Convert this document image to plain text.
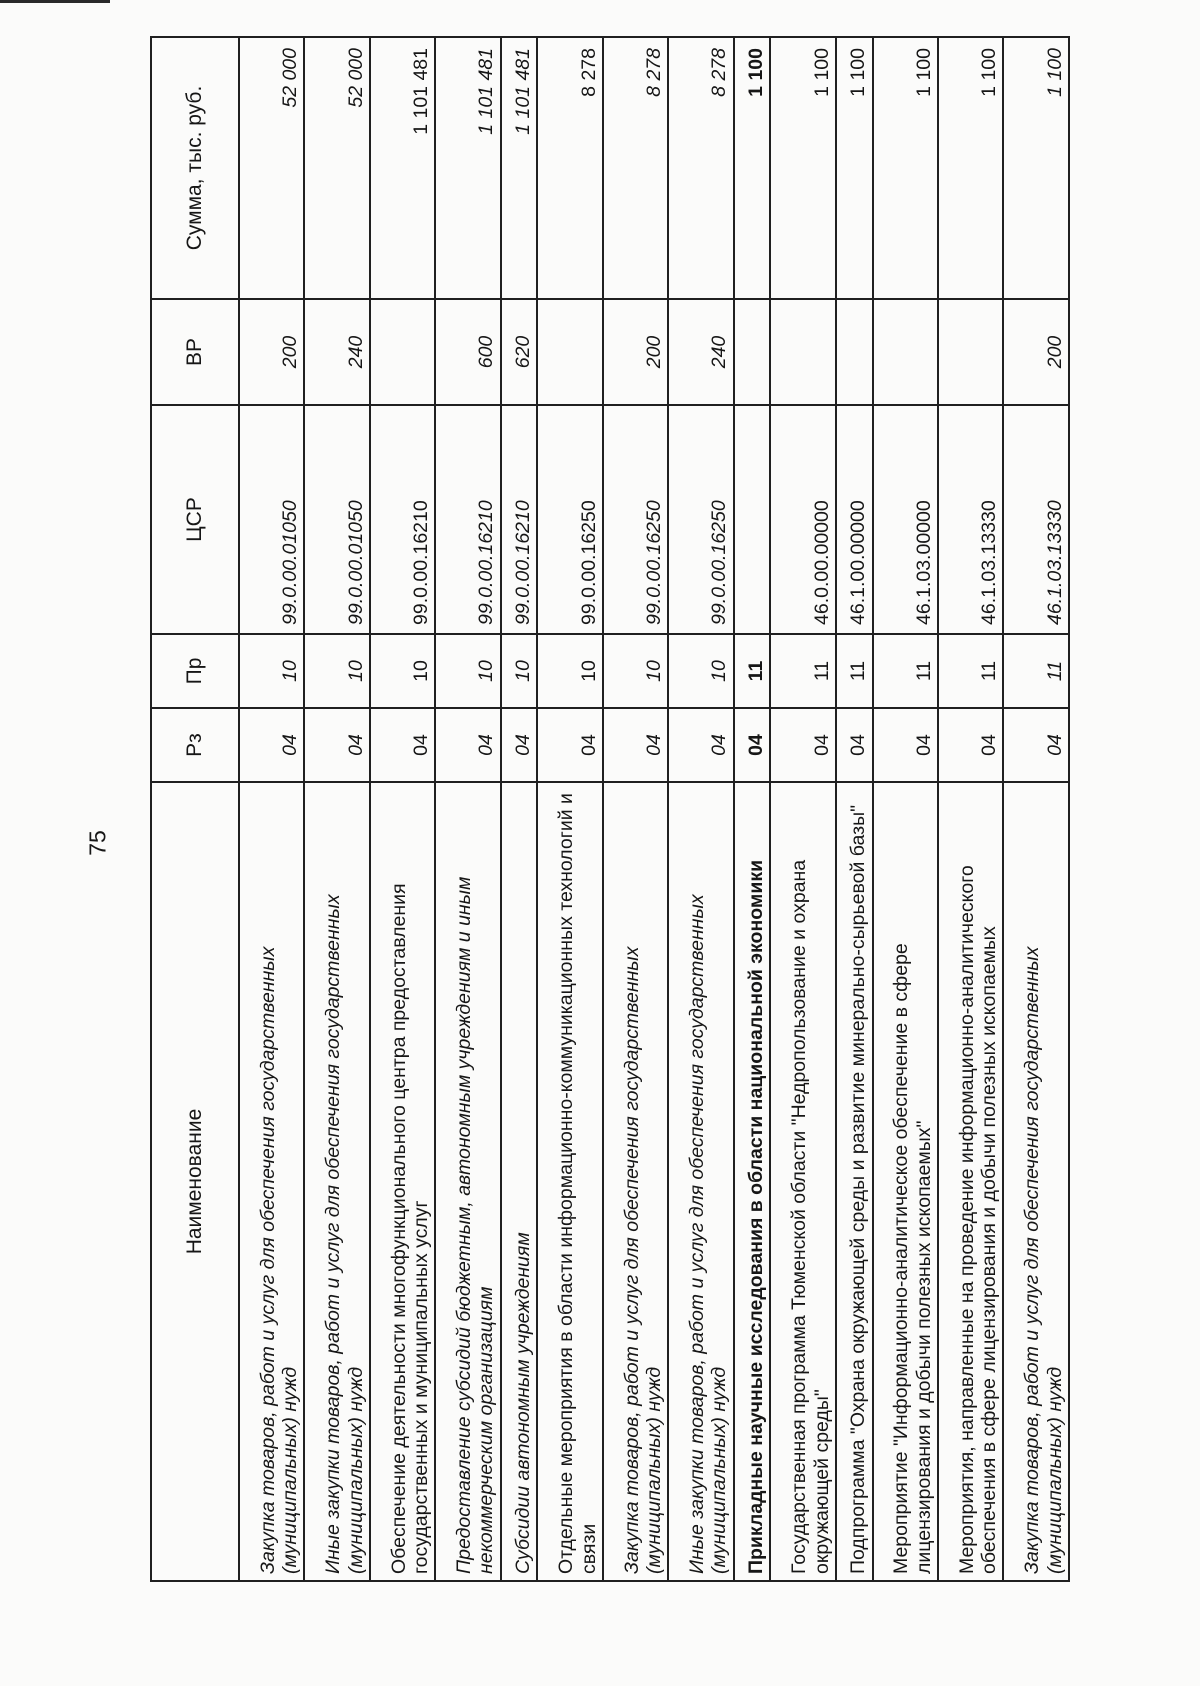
75
Наименование	Рз	Пр	ЦСР	ВР	Сумма, тыс. руб.
Закупка товаров, работ и услуг для обеспечения государственных (муниципальных) нужд	04	10	99.0.00.01050	200	52 000
Иные закупки товаров, работ и услуг для обеспечения государственных (муниципальных) нужд	04	10	99.0.00.01050	240	52 000
Обеспечение деятельности многофункционального центра предоставления государственных и муниципальных услуг	04	10	99.0.00.16210		1 101 481
Предоставление субсидий бюджетным, автономным учреждениям и иным некоммерческим организациям	04	10	99.0.00.16210	600	1 101 481
Субсидии автономным учреждениям	04	10	99.0.00.16210	620	1 101 481
Отдельные мероприятия в области информационно-коммуникационных технологий и связи	04	10	99.0.00.16250		8 278
Закупка товаров, работ и услуг для обеспечения государственных (муниципальных) нужд	04	10	99.0.00.16250	200	8 278
Иные закупки товаров, работ и услуг для обеспечения государственных (муниципальных) нужд	04	10	99.0.00.16250	240	8 278
Прикладные научные исследования в области национальной экономики	04	11			1 100
Государственная программа Тюменской области "Недропользование и охрана окружающей среды"	04	11	46.0.00.00000		1 100
Подпрограмма "Охрана окружающей среды и развитие минерально-сырьевой базы"	04	11	46.1.00.00000		1 100
Мероприятие "Информационно-аналитическое обеспечение в сфере лицензирования и добычи полезных ископаемых"	04	11	46.1.03.00000		1 100
Мероприятия, направленные на проведение информационно-аналитического обеспечения в сфере лицензирования и добычи полезных ископаемых	04	11	46.1.03.13330		1 100
Закупка товаров, работ и услуг для обеспечения государственных (муниципальных) нужд	04	11	46.1.03.13330	200	1 100
